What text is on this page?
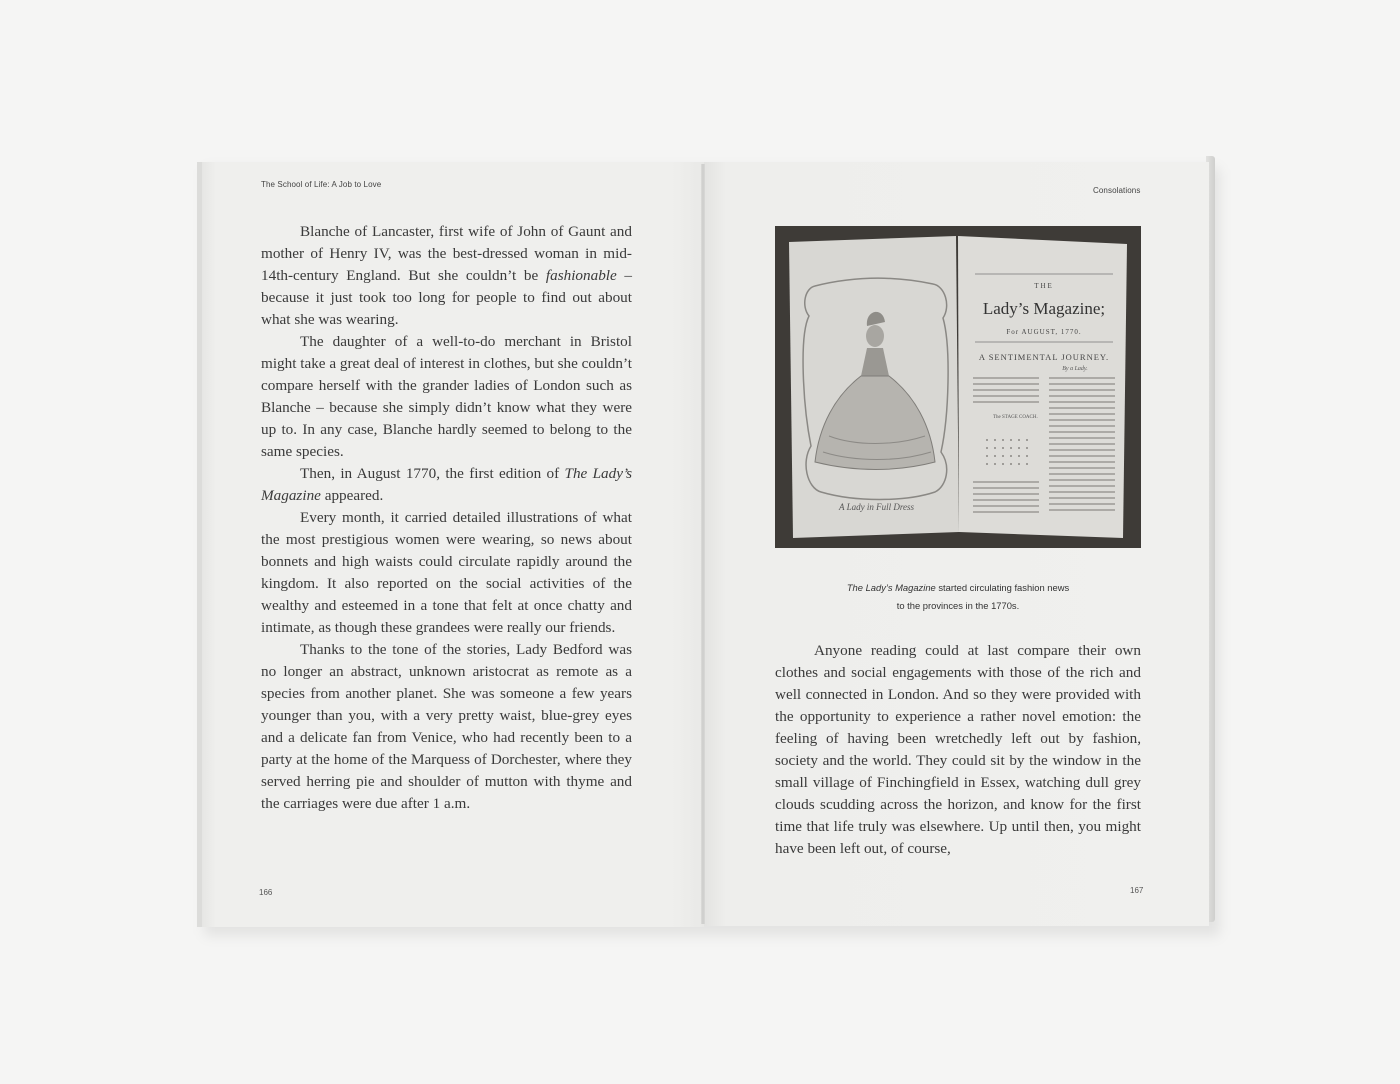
The School of Life: A Job to Love

Blanche of Lancaster, first wife of John of Gaunt and mother of Henry IV, was the best-dressed woman in mid-14th-century England. But she couldn’t be fashionable – because it just took too long for people to find out about what she was wearing.

The daughter of a well-to-do merchant in Bristol might take a great deal of interest in clothes, but she couldn’t compare herself with the grander ladies of London such as Blanche – because she simply didn’t know what they were up to. In any case, Blanche hardly seemed to belong to the same species.

Then, in August 1770, the first edition of The Lady’s Magazine appeared.

Every month, it carried detailed illustrations of what the most prestigious women were wearing, so news about bonnets and high waists could circulate rapidly around the kingdom. It also reported on the social activities of the wealthy and esteemed in a tone that felt at once chatty and intimate, as though these grandees were really our friends.

Thanks to the tone of the stories, Lady Bedford was no longer an abstract, unknown aristocrat as remote as a species from another planet. She was someone a few years younger than you, with a very pretty waist, blue-grey eyes and a delicate fan from Venice, who had recently been to a party at the home of the Marquess of Dorchester, where they served herring pie and shoulder of mutton with thyme and the carriages were due after 1 a.m.

166
Consolations
A Lady in Full Dress
THE
Lady’s Magazine;
For AUGUST, 1770.
A SENTIMENTAL JOURNEY.
By a Lady.
The STAGE COACH.
The Lady’s Magazine started circulating fashion news
to the provinces in the 1770s.

Anyone reading could at last compare their own clothes and social engagements with those of the rich and well connected in London. And so they were provided with the opportunity to experience a rather novel emotion: the feeling of having been wretchedly left out by fashion, society and the world. They could sit by the window in the small village of Finchingfield in Essex, watching dull grey clouds scudding across the horizon, and know for the first time that life truly was elsewhere. Up until then, you might have been left out, of course,

167
